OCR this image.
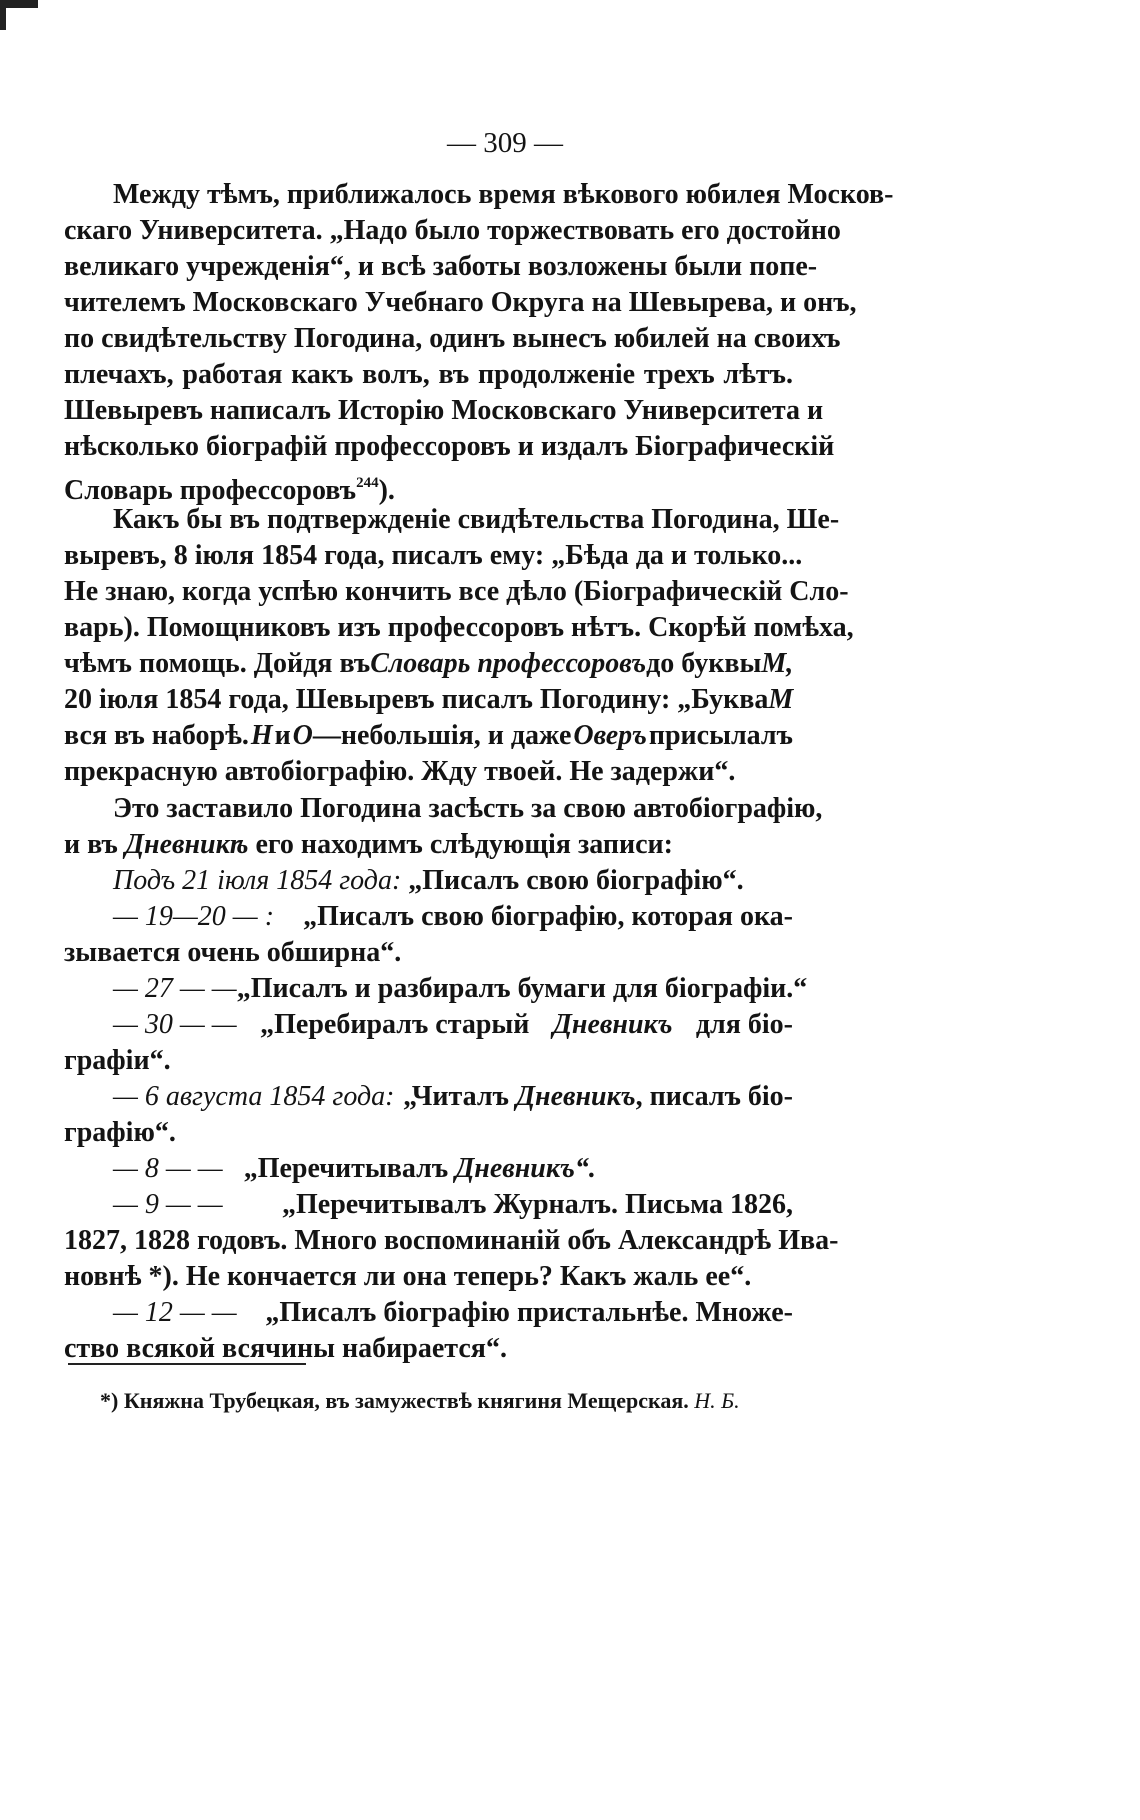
— 309 —
Между тѣмъ, приближалось время вѣкового юбилея Москов-
скаго Университета. „Надо было торжествовать его достойно
великаго учрежденія“, и всѣ заботы возложены были попе-
чителемъ Московскаго Учебнаго Округа на Шевырева, и онъ,
по свидѣтельству Погодина, одинъ вынесъ юбилей на своихъ
плечахъ, работая какъ волъ, въ продолженіе трехъ лѣтъ.
Шевыревъ написалъ Исторію Московскаго Университета и
нѣсколько біографій профессоровъ и издалъ Біографическій
Словарь профессоровъ$^{244}$).
Какъ бы въ подтвержденіе свидѣтельства Погодина, Ше-
выревъ, 8 іюля 1854 года, писалъ ему: „Бѣда да и только...
Не знаю, когда успѣю кончить все дѣло (Біографическій Сло-
варь). Помощниковъ изъ профессоровъ нѣтъ. Скорѣй помѣха,
чѣмъ помощь. Дойдя въ Словарь профессоровъ до буквы М,
20 іюля 1854 года, Шевыревъ писалъ Погодину: „Буква М
вся въ наборѣ. Н и О—небольшія, и даже Оверъ присылалъ
прекрасную автобіографію. Жду твоей. Не задержи“.
Это заставило Погодина засѣсть за свою автобіографію,
и въ Дневникѣ его находимъ слѣдующія записи:
Подъ 21 іюля 1854 года: „Писалъ свою біографію“.
— 19—20 — : „Писалъ свою біографію, которая ока-
зывается очень обширна“.
— 27 — — „Писалъ и разбиралъ бумаги для біографіи.“
— 30 — — „Перебиралъ старый Дневникъ для біо-
графіи“.
— 6 августа 1854 года: „Читалъ Дневникъ, писалъ біо-
графію“.
— 8 — — „Перечитывалъ Дневникъ“.
— 9 — — „Перечитывалъ Журналъ. Письма 1826,
1827, 1828 годовъ. Много воспоминаній объ Александрѣ Ива-
новнѣ *). Не кончается ли она теперь? Какъ жаль ее“.
— 12 — — „Писалъ біографію пристальнѣе. Множе-
ство всякой всячины набирается“.
*) Княжна Трубецкая, въ замужествѣ княгиня Мещерская. Н. Б.
